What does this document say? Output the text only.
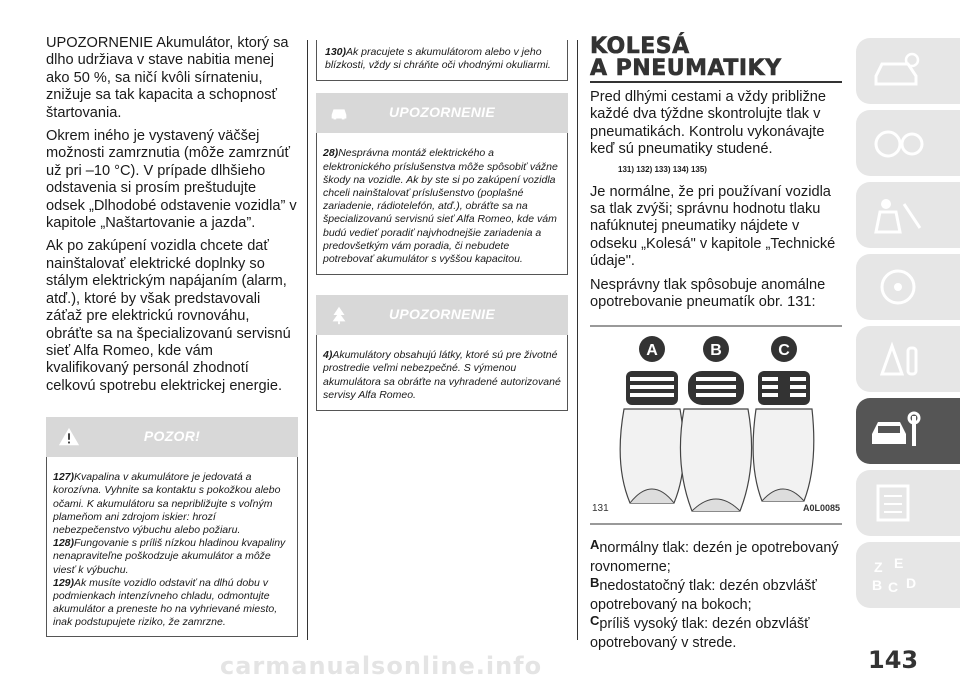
UPOZORNENIE Akumulátor, ktorý sa dlho udržiava v stave nabitia menej ako 50 %, sa ničí kvôli sírnateniu, znižuje sa tak kapacita a schopnosť štartovania.

Okrem iného je vystavený väčšej možnosti zamrznutia (môže zamrznúť už pri –10 °C). V prípade dlhšieho odstavenia si prosím preštudujte odsek „Dlhodobé odstavenie vozidla” v kapitole „Naštartovanie a jazda”.

Ak po zakúpení vozidla chcete dať nainštalovať elektrické doplnky so stálym elektrickým napájaním (alarm, atď.), ktoré by však predstavovali záťaž pre elektrickú rovnováhu, obráťte sa na špecializovanú servisnú sieť Alfa Romeo, kde vám kvalifikovaný personál zhodnotí celkovú spotrebu elektrickej energie.

POZOR!

127)Kvapalina v akumulátore je jedovatá a korozívna. Vyhnite sa kontaktu s pokožkou alebo očami. K akumulátoru sa nepribližujte s voľným plameňom ani zdrojom iskier: hrozí nebezpečenstvo výbuchu alebo požiaru.

128)Fungovanie s príliš nízkou hladinou kvapaliny nenapraviteľne poškodzuje akumulátor a môže viesť k výbuchu.

129)Ak musíte vozidlo odstaviť na dlhú dobu v podmienkach intenzívneho chladu, odmontujte akumulátor a preneste ho na vyhrievané miesto, inak podstupujete riziko, že zamrzne.

130)Ak pracujete s akumulátorom alebo v jeho blízkosti, vždy si chráňte oči vhodnými okuliarmi.

UPOZORNENIE

28)Nesprávna montáž elektrického a elektronického príslušenstva môže spôsobiť vážne škody na vozidle. Ak by ste si po zakúpení vozidla chceli nainštalovať príslušenstvo (poplašné zariadenie, rádiotelefón, atď.), obráťte sa na špecializovanú servisnú sieť Alfa Romeo, kde vám budú vedieť poradiť najvhodnejšie zariadenia a predovšetkým vám poradia, či nebudete potrebovať akumulátor s vyššou kapacitou.

UPOZORNENIE

4)Akumulátory obsahujú látky, ktoré sú pre životné prostredie veľmi nebezpečné. S výmenou akumulátora sa obráťte na vyhradené autorizované servisy Alfa Romeo.

KOLESÁ
A PNEUMATIKY

Pred dlhými cestami a vždy približne každé dva týždne skontrolujte tlak v pneumatikách. Kontrolu vykonávajte keď sú pneumatiky studené.

131) 132) 133) 134) 135)

Je normálne, že pri používaní vozidla sa tlak zvýši; správnu hodnotu tlaku nafúknutej pneumatiky nájdete v odseku „Kolesá" v kapitole „Technické údaje".

Nesprávny tlak spôsobuje anomálne opotrebovanie pneumatík obr. 131:

A	B	C
131	A0L0085

Anormálny tlak: dezén je opotrebovaný rovnomerne;

Bnedostatočný tlak: dezén obzvlášť opotrebovaný na bokoch;

Cpríliš vysoký tlak: dezén obzvlášť opotrebovaný v strede.

Z E
B C D
carmanualsonline.info	143
